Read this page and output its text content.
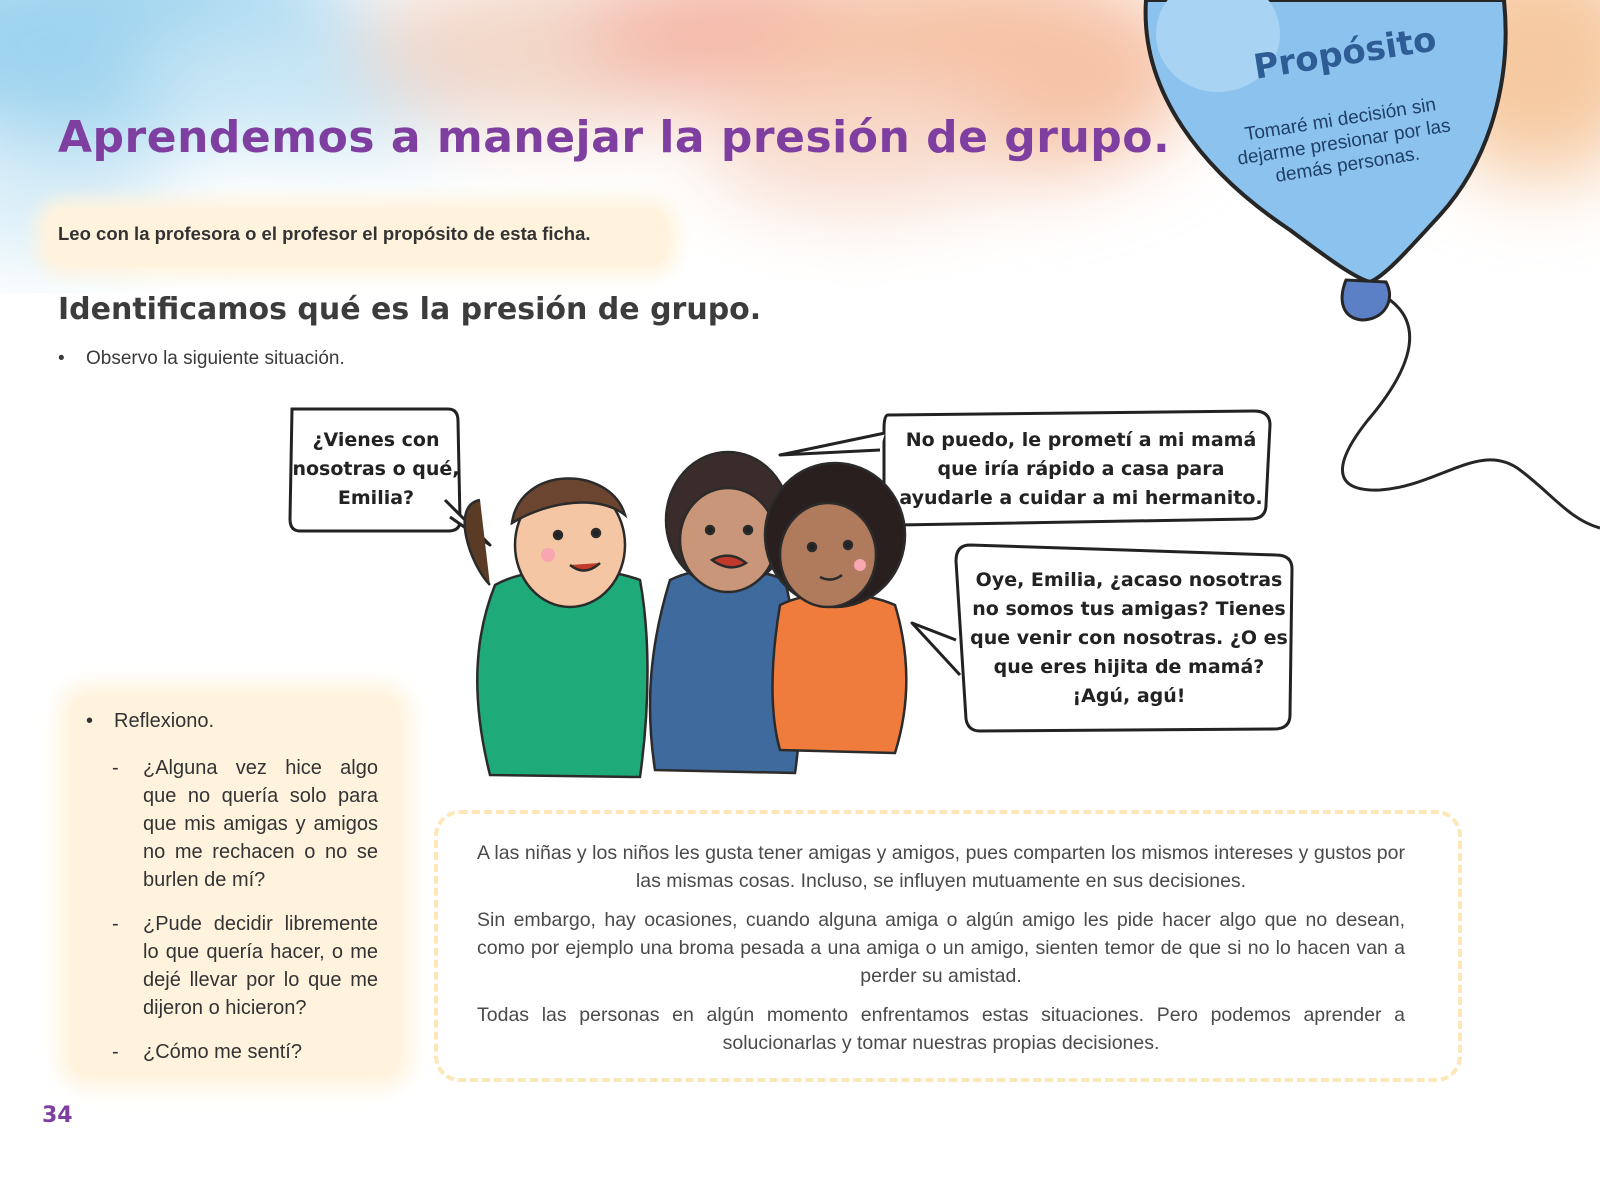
Aprendemos a manejar la presión de grupo.
Leo con la profesora o el profesor el propósito de esta ficha.
Identificamos qué es la presión de grupo.
• Observo la siguiente situación.
Propósito
Tomaré mi decisión sin dejarme presionar por las demás personas.
¿Vienes con nosotras o qué, Emilia?
No puedo, le prometí a mi mamá que iría rápido a casa para ayudarle a cuidar a mi hermanito.
Oye, Emilia, ¿acaso nosotras no somos tus amigas? Tienes que venir con nosotras. ¿O es que eres hijita de mamá? ¡Agú, agú!
• Reflexiono.
- ¿Alguna vez hice algo que no quería solo para que mis amigas y amigos no me rechacen o no se burlen de mí?
- ¿Pude decidir libremente lo que quería hacer, o me dejé llevar por lo que me dijeron o hicieron?
- ¿Cómo me sentí?
A las niñas y los niños les gusta tener amigas y amigos, pues comparten los mismos intereses y gustos por las mismas cosas. Incluso, se influyen mutuamente en sus decisiones.
Sin embargo, hay ocasiones, cuando alguna amiga o algún amigo les pide hacer algo que no desean, como por ejemplo una broma pesada a una amiga o un amigo, sienten temor de que si no lo hacen van a perder su amistad.
Todas las personas en algún momento enfrentamos estas situaciones. Pero podemos aprender a solucionarlas y tomar nuestras propias decisiones.
34
